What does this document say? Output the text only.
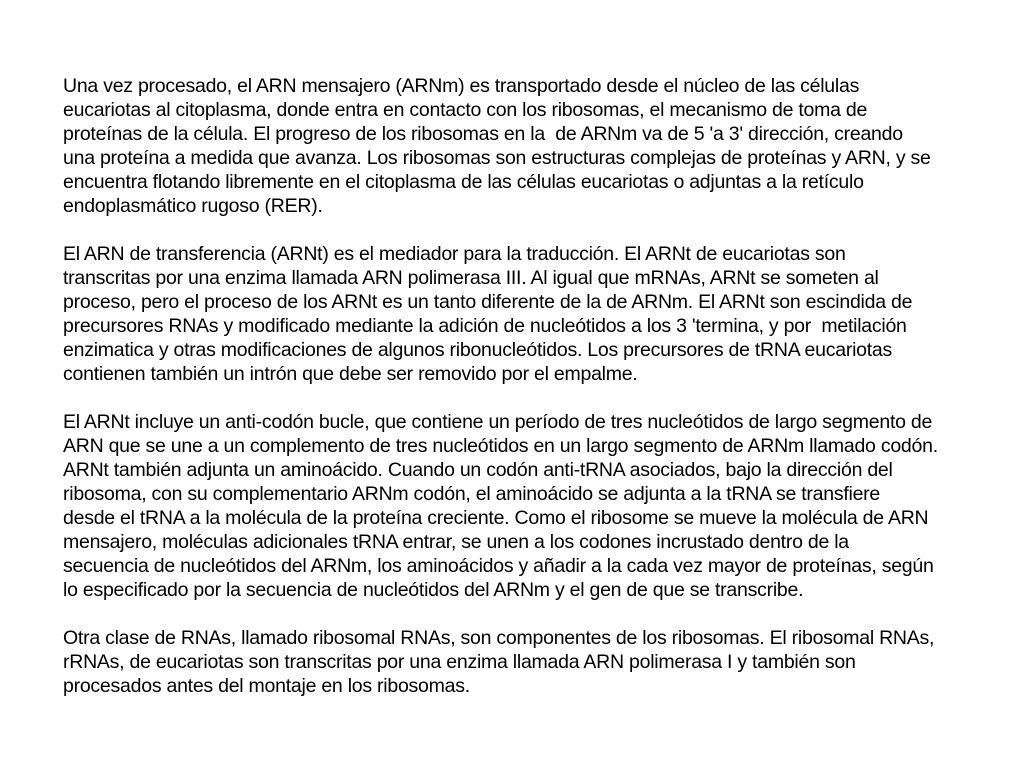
Una vez procesado, el ARN mensajero (ARNm) es transportado desde el núcleo de las células
eucariotas al citoplasma, donde entra en contacto con los ribosomas, el mecanismo de toma de
proteínas de la célula. El progreso de los ribosomas en la  de ARNm va de 5 'a 3' dirección, creando
una proteína a medida que avanza. Los ribosomas son estructuras complejas de proteínas y ARN, y se
encuentra flotando libremente en el citoplasma de las células eucariotas o adjuntas a la retículo
endoplasmático rugoso (RER).
El ARN de transferencia (ARNt) es el mediador para la traducción. El ARNt de eucariotas son
transcritas por una enzima llamada ARN polimerasa III. Al igual que mRNAs, ARNt se someten al
proceso, pero el proceso de los ARNt es un tanto diferente de la de ARNm. El ARNt son escindida de
precursores RNAs y modificado mediante la adición de nucleótidos a los 3 'termina, y por  metilación
enzimatica y otras modificaciones de algunos ribonucleótidos. Los precursores de tRNA eucariotas
contienen también un intrón que debe ser removido por el empalme.
El ARNt incluye un anti-codón bucle, que contiene un período de tres nucleótidos de largo segmento de
ARN que se une a un complemento de tres nucleótidos en un largo segmento de ARNm llamado codón.
ARNt también adjunta un aminoácido. Cuando un codón anti-tRNA asociados, bajo la dirección del
ribosoma, con su complementario ARNm codón, el aminoácido se adjunta a la tRNA se transfiere
desde el tRNA a la molécula de la proteína creciente. Como el ribosome se mueve la molécula de ARN
mensajero, moléculas adicionales tRNA entrar, se unen a los codones incrustado dentro de la
secuencia de nucleótidos del ARNm, los aminoácidos y añadir a la cada vez mayor de proteínas, según
lo especificado por la secuencia de nucleótidos del ARNm y el gen de que se transcribe.
Otra clase de RNAs, llamado ribosomal RNAs, son componentes de los ribosomas. El ribosomal RNAs,
rRNAs, de eucariotas son transcritas por una enzima llamada ARN polimerasa I y también son
procesados antes del montaje en los ribosomas.
